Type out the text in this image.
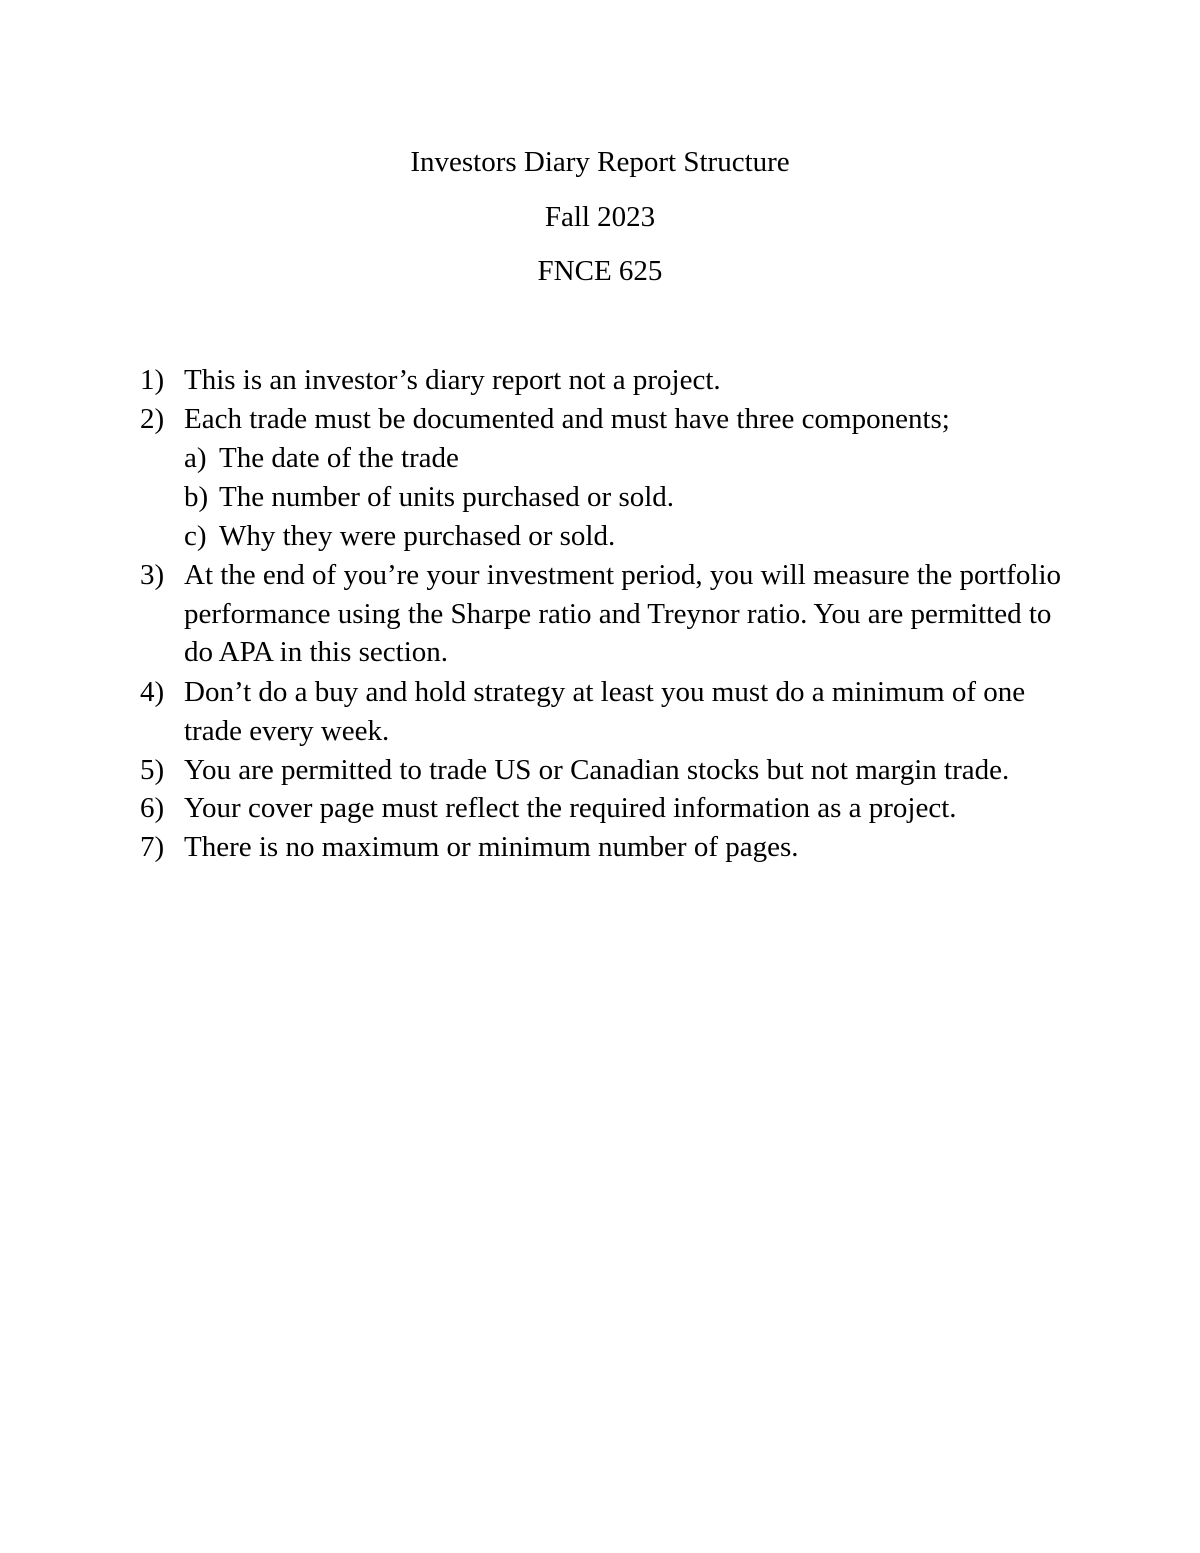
Investors Diary Report Structure
Fall 2023
FNCE 625
1) This is an investor’s diary report not a project.
2) Each trade must be documented and must have three components;
a) The date of the trade
b) The number of units purchased or sold.
c) Why they were purchased or sold.
3) At the end of you’re your investment period, you will measure the portfolio performance using the Sharpe ratio and Treynor ratio. You are permitted to do APA in this section.
4) Don’t do a buy and hold strategy at least you must do a minimum of one trade every week.
5) You are permitted to trade US or Canadian stocks but not margin trade.
6) Your cover page must reflect the required information as a project.
7) There is no maximum or minimum number of pages.
